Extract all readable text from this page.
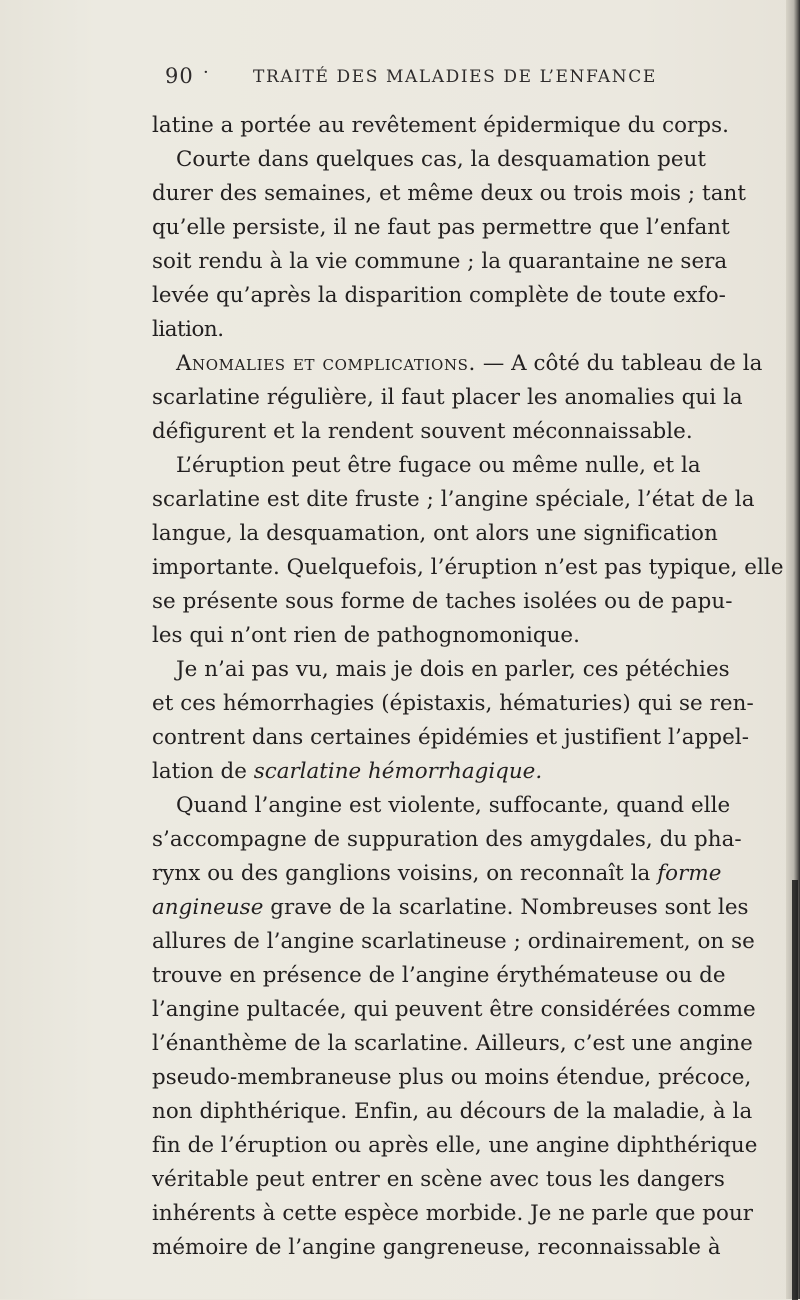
90 ·	TRAITÉ DES MALADIES DE L’ENFANCE
latine a portée au revêtement épidermique du corps.
Courte dans quelques cas, la desquamation peut
durer des semaines, et même deux ou trois mois ; tant
qu’elle persiste, il ne faut pas permettre que l’enfant
soit rendu à la vie commune ; la quarantaine ne sera
levée qu’après la disparition complète de toute exfo-
liation.
Anomalies et complications. — A côté du tableau de la
scarlatine régulière, il faut placer les anomalies qui la
défigurent et la rendent souvent méconnaissable.
L’éruption peut être fugace ou même nulle, et la
scarlatine est dite fruste ; l’angine spéciale, l’état de la
langue, la desquamation, ont alors une signification
importante. Quelquefois, l’éruption n’est pas typique, elle
se présente sous forme de taches isolées ou de papu-
les qui n’ont rien de pathognomonique.
Je n’ai pas vu, mais je dois en parler, ces pétéchies
et ces hémorrhagies (épistaxis, hématuries) qui se ren-
contrent dans certaines épidémies et justifient l’appel-
lation de scarlatine hémorrhagique.
Quand l’angine est violente, suffocante, quand elle
s’accompagne de suppuration des amygdales, du pha-
rynx ou des ganglions voisins, on reconnaît la forme
angineuse grave de la scarlatine. Nombreuses sont les
allures de l’angine scarlatineuse ; ordinairement, on se
trouve en présence de l’angine érythémateuse ou de
l’angine pultacée, qui peuvent être considérées comme
l’énanthème de la scarlatine. Ailleurs, c’est une angine
pseudo-membraneuse plus ou moins étendue, précoce,
non diphthérique. Enfin, au décours de la maladie, à la
fin de l’éruption ou après elle, une angine diphthérique
véritable peut entrer en scène avec tous les dangers
inhérents à cette espèce morbide. Je ne parle que pour
mémoire de l’angine gangreneuse, reconnaissable à
